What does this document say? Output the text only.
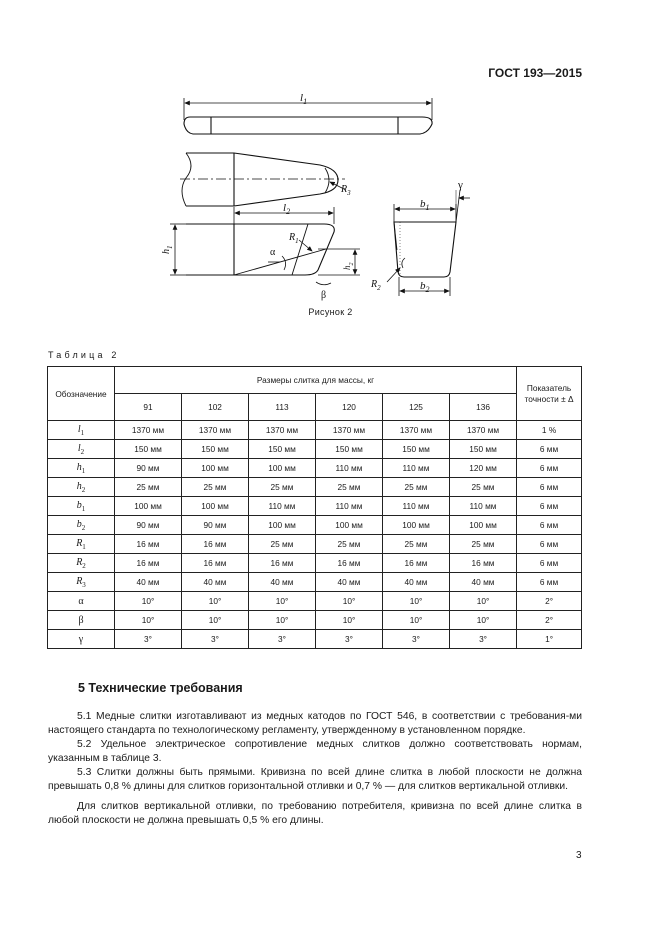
ГОСТ 193—2015
$l_1$
$R_3$
$l_2$
$h_1$
$h_2$
α
$R_1$
β
$b_1$
$b_2$
$R_2$
γ
Рисунок 2
Таблица 2
Обозначение	Размеры слитка для массы, кг						Показатель
точности ± Δ
	91	102	113	120	125	136	
$l_1$	1370 мм	1370 мм	1370 мм	1370 мм	1370 мм	1370 мм	1 %
$l_2$	150 мм	150 мм	150 мм	150 мм	150 мм	150 мм	6 мм
$h_1$	90 мм	100 мм	100 мм	110 мм	110 мм	120 мм	6 мм
$h_2$	25 мм	25 мм	25 мм	25 мм	25 мм	25 мм	6 мм
$b_1$	100 мм	100 мм	110 мм	110 мм	110 мм	110 мм	6 мм
$b_2$	90 мм	90 мм	100 мм	100 мм	100 мм	100 мм	6 мм
$R_1$	16 мм	16 мм	25 мм	25 мм	25 мм	25 мм	6 мм
$R_2$	16 мм	16 мм	16 мм	16 мм	16 мм	16 мм	6 мм
$R_3$	40 мм	40 мм	40 мм	40 мм	40 мм	40 мм	6 мм
α	10°	10°	10°	10°	10°	10°	2°
β	10°	10°	10°	10°	10°	10°	2°
γ	3°	3°	3°	3°	3°	3°	1°
5 Технические требования
5.1 Медные слитки изготавливают из медных катодов по ГОСТ 546, в соответствии с требования-ми настоящего стандарта по технологическому регламенту, утвержденному в установленном порядке.
5.2 Удельное электрическое сопротивление медных слитков должно соответствовать нормам, указанным в таблице 3.
5.3 Слитки должны быть прямыми. Кривизна по всей длине слитка в любой плоскости не должна превышать 0,8 % длины для слитков горизонтальной отливки и 0,7 % — для слитков вертикальной отливки.
Для слитков вертикальной отливки, по требованию потребителя, кривизна по всей длине слитка в любой плоскости не должна превышать 0,5 % его длины.
3
